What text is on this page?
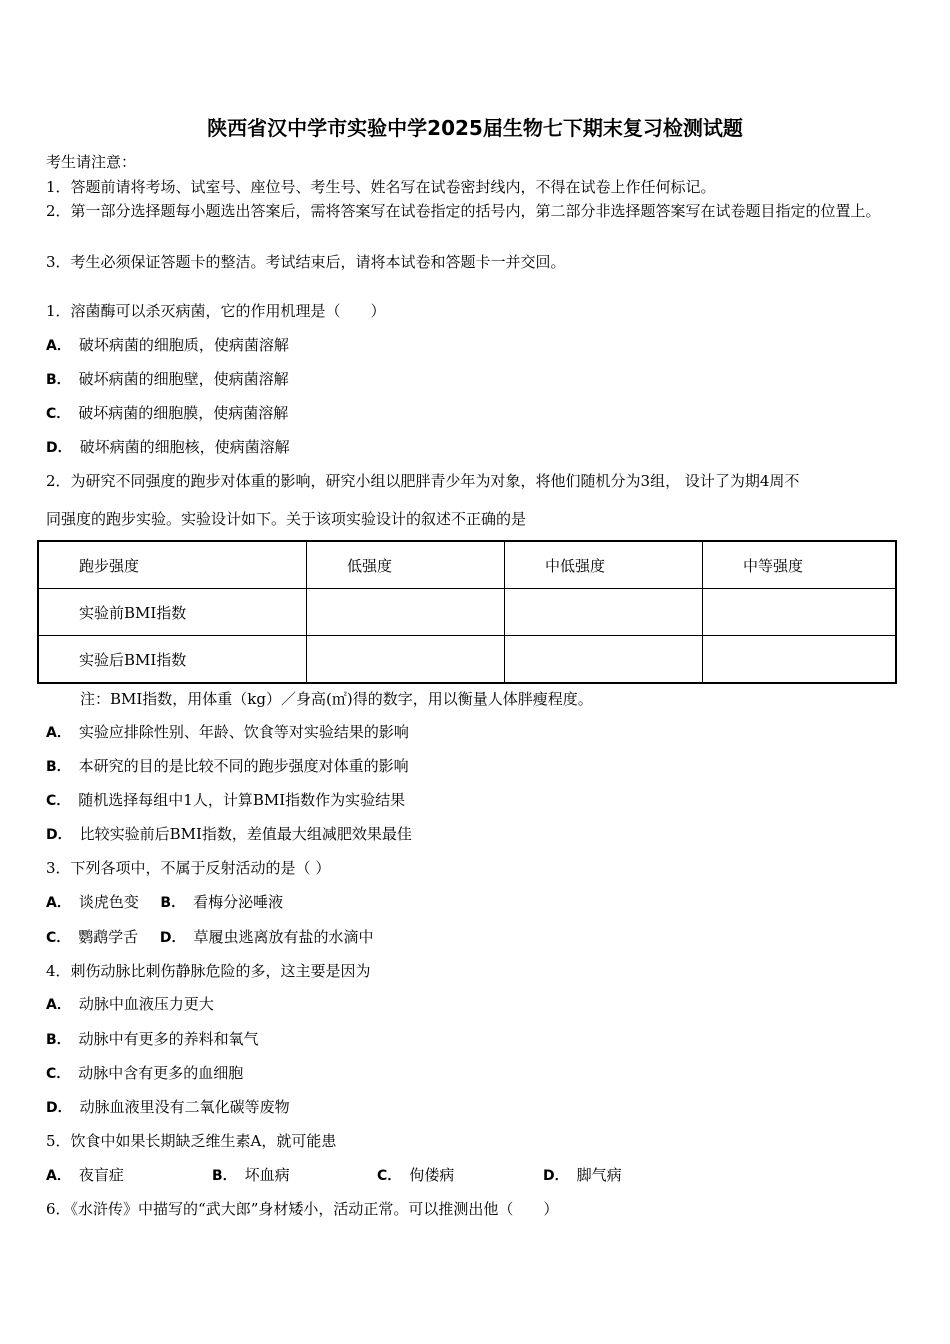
陕西省汉中学市实验中学2025届生物七下期末复习检测试题
考生请注意：
1．答题前请将考场、试室号、座位号、考生号、姓名写在试卷密封线内，不得在试卷上作任何标记。
2．第一部分选择题每小题选出答案后，需将答案写在试卷指定的括号内，第二部分非选择题答案写在试卷题目指定的位置上。
3．考生必须保证答题卡的整洁。考试结束后，请将本试卷和答题卡一并交回。
1．溶菌酶可以杀灭病菌，它的作用机理是（　　）
A． 破坏病菌的细胞质，使病菌溶解
B． 破坏病菌的细胞壁，使病菌溶解
C． 破坏病菌的细胞膜，使病菌溶解
D． 破坏病菌的细胞核，使病菌溶解
2．为研究不同强度的跑步对体重的影响，研究小组以肥胖青少年为对象，将他们随机分为3组， 设计了为期4周不
同强度的跑步实验。实验设计如下。关于该项实验设计的叙述不正确的是
跑步强度	低强度	中低强度	中等强度
实验前BMI指数			
实验后BMI指数			
注：BMI指数，用体重（kg）／身高(㎡)得的数字，用以衡量人体胖瘦程度。
A． 实验应排除性别、年龄、饮食等对实验结果的影响
B． 本研究的目的是比较不同的跑步强度对体重的影响
C． 随机选择每组中1人，计算BMI指数作为实验结果
D． 比较实验前后BMI指数，差值最大组减肥效果最佳
3．下列各项中，不属于反射活动的是（ ）
A． 谈虎色变 B． 看梅分泌唾液
C． 鹦鹉学舌 D． 草履虫逃离放有盐的水滴中
4．刺伤动脉比刺伤静脉危险的多，这主要是因为
A． 动脉中血液压力更大
B． 动脉中有更多的养料和氧气
C． 动脉中含有更多的血细胞
D． 动脉血液里没有二氧化碳等废物
5．饮食中如果长期缺乏维生素A，就可能患
A． 夜盲症	B． 坏血病	C． 佝偻病	D． 脚气病
6．《水浒传》中描写的“武大郎”身材矮小，活动正常。可以推测出他（　　）
